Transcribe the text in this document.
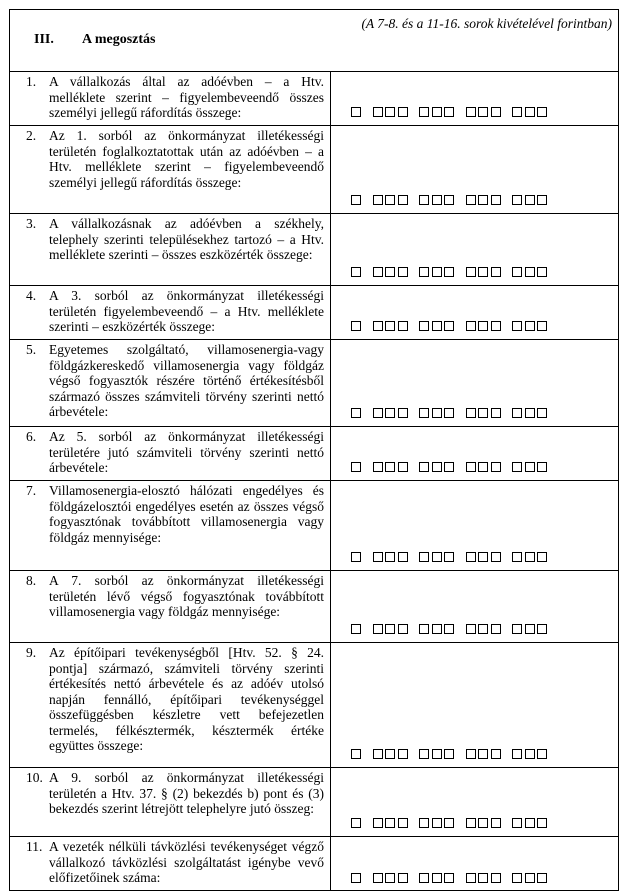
III. A megosztás
(A 7-8. és a 11-16. sorok kivételével forintban)
1. A vállalkozás által az adóévben – a Htv. melléklete szerint – figyelembeveendő összes személyi jellegű ráfordítás összege:
2. Az 1. sorból az önkormányzat illetékességi területén foglalkoztatottak után az adóévben – a Htv. melléklete szerint – figyelembeveendő személyi jellegű ráfordítás összege:
3. A vállalkozásnak az adóévben a székhely, telephely szerinti településekhez tartozó – a Htv. melléklete szerinti – összes eszközérték összege:
4. A 3. sorból az önkormányzat illetékességi területén figyelembeveendő – a Htv. melléklete szerinti – eszközérték összege:
5. Egyetemes szolgáltató, villamosenergia-vagy földgázkereskedő villamosenergia vagy földgáz végső fogyasztók részére történő értékesítésből származó összes számviteli törvény szerinti nettó árbevétele:
6. Az 5. sorból az önkormányzat illetékességi területére jutó számviteli törvény szerinti nettó árbevétele:
7. Villamosenergia-elosztó hálózati engedélyes és földgázelosztói engedélyes esetén az összes végső fogyasztónak továbbított villamosenergia vagy földgáz mennyisége:
8. A 7. sorból az önkormányzat illetékességi területén lévő végső fogyasztónak továbbított villamosenergia vagy földgáz mennyisége:
9. Az építőipari tevékenységből [Htv. 52. § 24. pontja] származó, számviteli törvény szerinti értékesítés nettó árbevétele és az adóév utolsó napján fennálló, építőipari tevékenységgel összefüggésben készletre vett befejezetlen termelés, félkésztermék, késztermék értéke együttes összege:
10. A 9. sorból az önkormányzat illetékességi területén a Htv. 37. § (2) bekezdés b) pont és (3) bekezdés szerint létrejött telephelyre jutó összeg:
11. A vezeték nélküli távközlési tevékenységet végző vállalkozó távközlési szolgáltatást igénybe vevő előfizetőinek száma:
